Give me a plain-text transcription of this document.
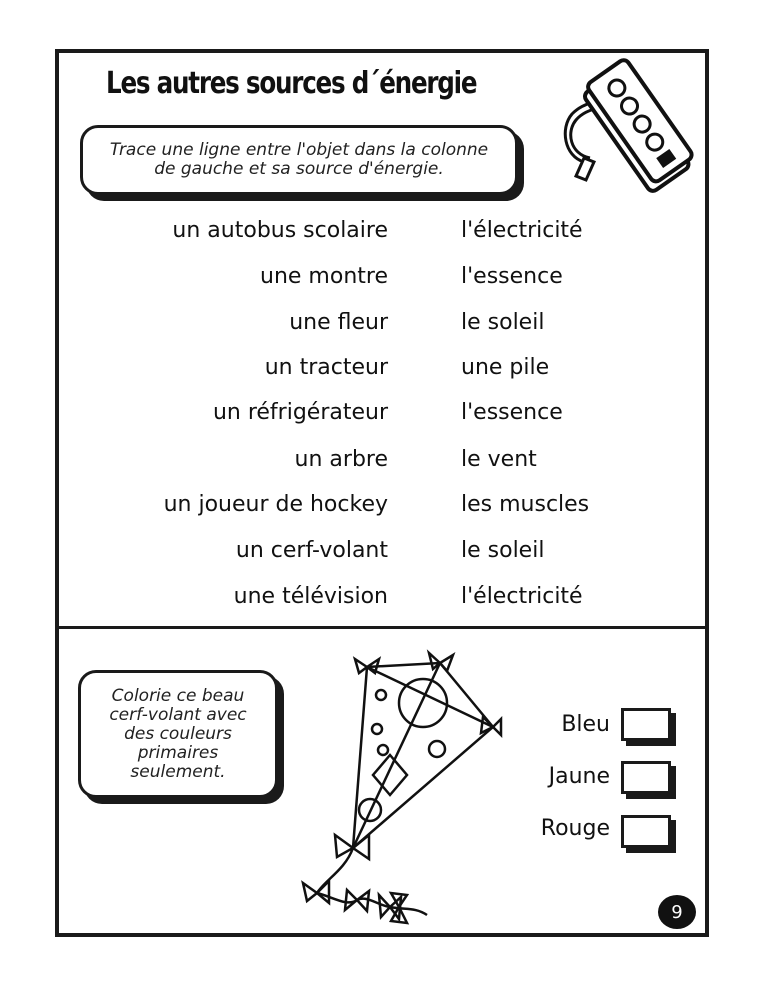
Les autres sources d´énergie
Trace une ligne entre l'objet dans la colonne de gauche et sa source d'énergie.
un autobus scolaire
une montre
une fleur
un tracteur
un réfrigérateur
un arbre
un joueur de hockey
un cerf-volant
une télévision
l'électricité
l'essence
le soleil
une pile
l'essence
le vent
les muscles
le soleil
l'électricité
Colorie ce beau
cerf-volant avec
des couleurs
primaires
seulement.
Bleu
Jaune
Rouge
9
